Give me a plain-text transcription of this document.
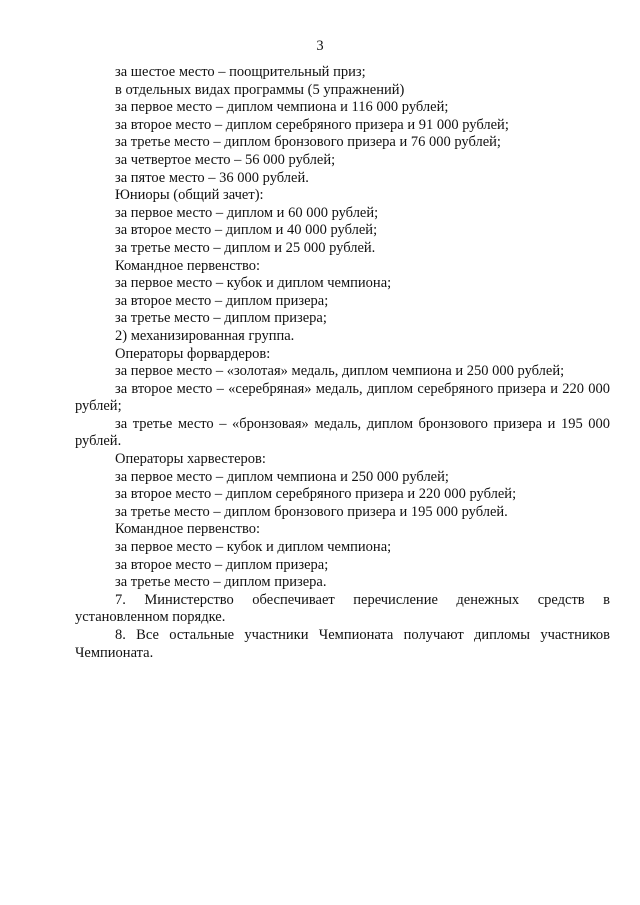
3

за шестое место – поощрительный приз;

в отдельных видах программы (5 упражнений)

за первое место – диплом чемпиона и 116 000 рублей;

за второе место – диплом серебряного призера и 91 000 рублей;

за третье место – диплом бронзового призера и 76 000 рублей;

за четвертое место – 56 000 рублей;

за пятое место – 36 000 рублей.

Юниоры (общий зачет):

за первое место – диплом и 60 000 рублей;

за второе место – диплом и 40 000 рублей;

за третье место – диплом и 25 000 рублей.

Командное первенство:

за первое место – кубок и диплом чемпиона;

за второе место – диплом призера;

за третье место – диплом призера;

2) механизированная группа.

Операторы форвардеров:

за первое место – «золотая» медаль, диплом чемпиона и 250 000 рублей;

за второе место – «серебряная» медаль, диплом серебряного призера и 220 000 рублей;

за третье место – «бронзовая» медаль, диплом бронзового призера и 195 000 рублей.

Операторы харвестеров:

за первое место – диплом чемпиона и 250 000 рублей;

за второе место – диплом серебряного призера и 220 000 рублей;

за третье место – диплом бронзового призера и 195 000 рублей.

Командное первенство:

за первое место – кубок и диплом чемпиона;

за второе место – диплом призера;

за третье место – диплом призера.

7. Министерство обеспечивает перечисление денежных средств в установленном порядке.

8. Все остальные участники Чемпионата получают дипломы участников Чемпионата.
